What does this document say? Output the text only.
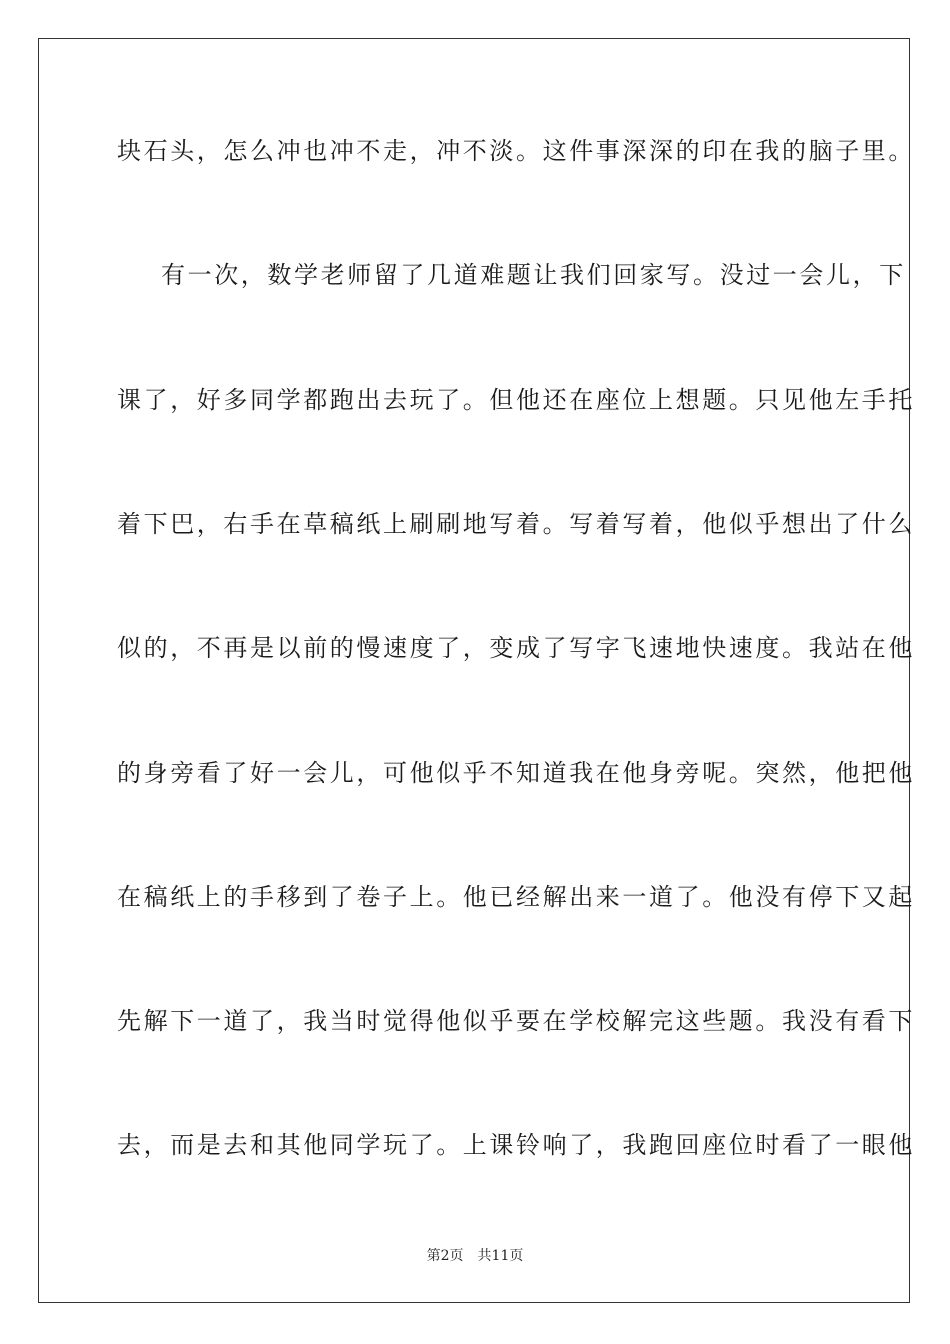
块石头，怎么冲也冲不走，冲不淡。这件事深深的印在我的脑子里。
有一次，数学老师留了几道难题让我们回家写。没过一会儿，下
课了，好多同学都跑出去玩了。但他还在座位上想题。只见他左手托
着下巴，右手在草稿纸上刷刷地写着。写着写着，他似乎想出了什么
似的，不再是以前的慢速度了，变成了写字飞速地快速度。我站在他
的身旁看了好一会儿，可他似乎不知道我在他身旁呢。突然，他把他
在稿纸上的手移到了卷子上。他已经解出来一道了。他没有停下又起
先解下一道了，我当时觉得他似乎要在学校解完这些题。我没有看下
去，而是去和其他同学玩了。上课铃响了，我跑回座位时看了一眼他
第2页 共11页
